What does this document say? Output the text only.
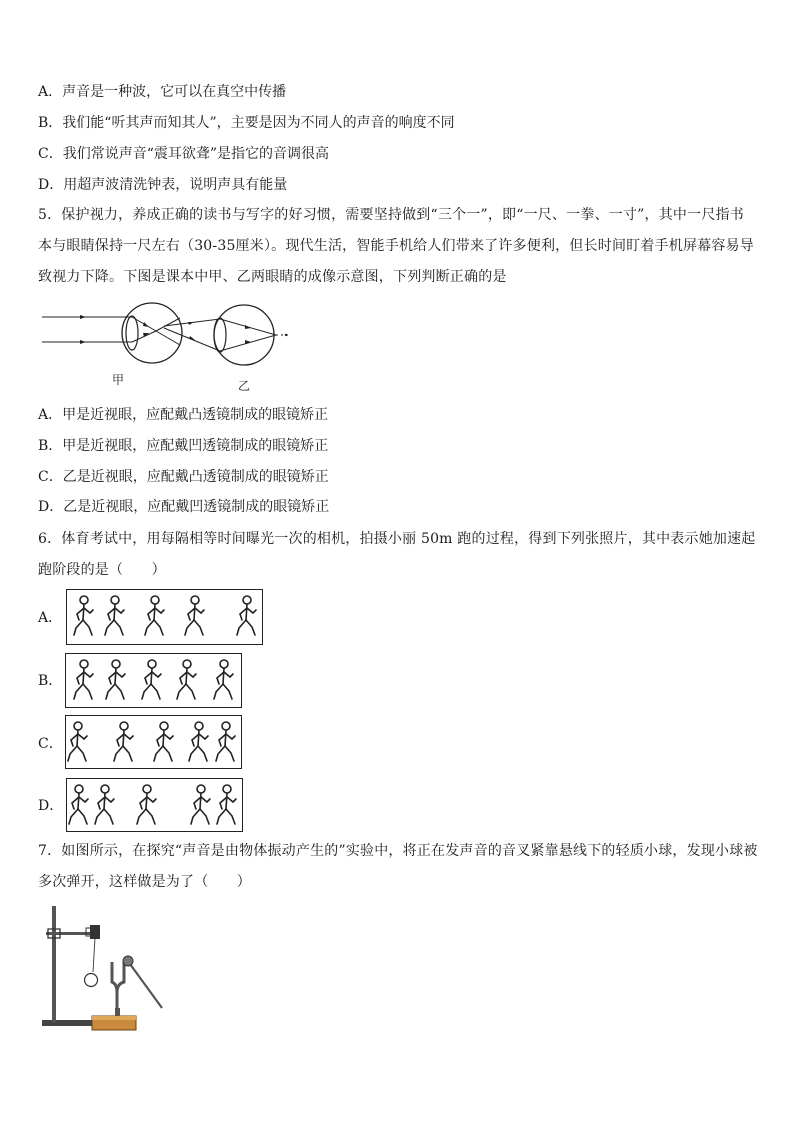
A．声音是一种波，它可以在真空中传播
B．我们能“听其声而知其人”，主要是因为不同人的声音的响度不同
C．我们常说声音“震耳欲聋”是指它的音调很高
D．用超声波清洗钟表，说明声具有能量
5．保护视力，养成正确的读书与写字的好习惯，需要坚持做到“三个一”，即“一尺、一拳、一寸”，其中一尺指书本与眼睛保持一尺左右（30-35厘米）。现代生活，智能手机给人们带来了许多便利，但长时间盯着手机屏幕容易导致视力下降。下图是课本中甲、乙两眼睛的成像示意图，下列判断正确的是
甲	乙
A．甲是近视眼，应配戴凸透镜制成的眼镜矫正
B．甲是近视眼，应配戴凹透镜制成的眼镜矫正
C．乙是近视眼，应配戴凸透镜制成的眼镜矫正
D．乙是近视眼，应配戴凹透镜制成的眼镜矫正
6．体育考试中，用每隔相等时间曝光一次的相机，拍摄小丽 50m 跑的过程，得到下列张照片，其中表示她加速起跑阶段的是（　　）
A．
B．
C．
D．
7．如图所示，在探究“声音是由物体振动产生的”实验中，将正在发声音的音叉紧靠悬线下的轻质小球，发现小球被多次弹开，这样做是为了（　　）
